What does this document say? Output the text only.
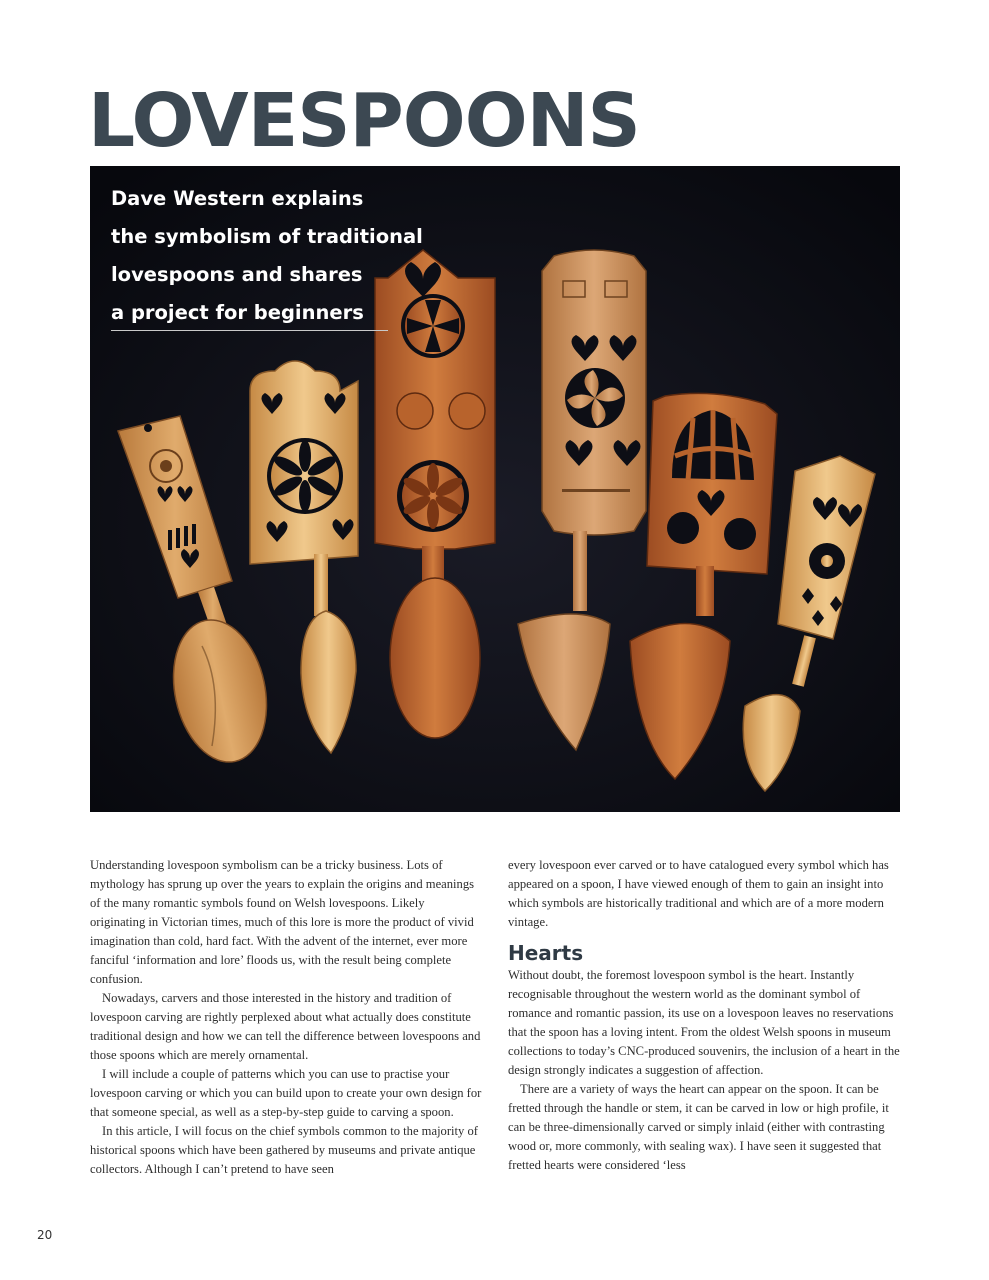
LOVESPOONS
Dave Western explains
the symbolism of traditional
lovespoons and shares
a project for beginners

Understanding lovespoon symbolism can be a tricky business. Lots of mythology has sprung up over the years to explain the origins and meanings of the many romantic symbols found on Welsh lovespoons. Likely originating in Victorian times, much of this lore is more the product of vivid imagination than cold, hard fact. With the advent of the internet, ever more fanciful ‘information and lore’ floods us, with the result being complete confusion.

Nowadays, carvers and those interested in the history and tradition of lovespoon carving are rightly perplexed about what actually does constitute traditional design and how we can tell the difference between lovespoons and those spoons which are merely ornamental.

I will include a couple of patterns which you can use to practise your lovespoon carving or which you can build upon to create your own design for that someone special, as well as a step-by-step guide to carving a spoon.

In this article, I will focus on the chief symbols common to the majority of historical spoons which have been gathered by museums and private antique collectors. Although I can’t pretend to have seen

every lovespoon ever carved or to have catalogued every symbol which has appeared on a spoon, I have viewed enough of them to gain an insight into which symbols are historically traditional and which are of a more modern vintage.

Hearts

Without doubt, the foremost lovespoon symbol is the heart. Instantly recognisable throughout the western world as the dominant symbol of romance and romantic passion, its use on a lovespoon leaves no reservations that the spoon has a loving intent. From the oldest Welsh spoons in museum collections to today’s CNC-produced souvenirs, the inclusion of a heart in the design strongly indicates a suggestion of affection.

There are a variety of ways the heart can appear on the spoon. It can be fretted through the handle or stem, it can be carved in low or high profile, it can be three-dimensionally carved or simply inlaid (either with contrasting wood or, more commonly, with sealing wax). I have seen it suggested that fretted hearts were considered ‘less

20
